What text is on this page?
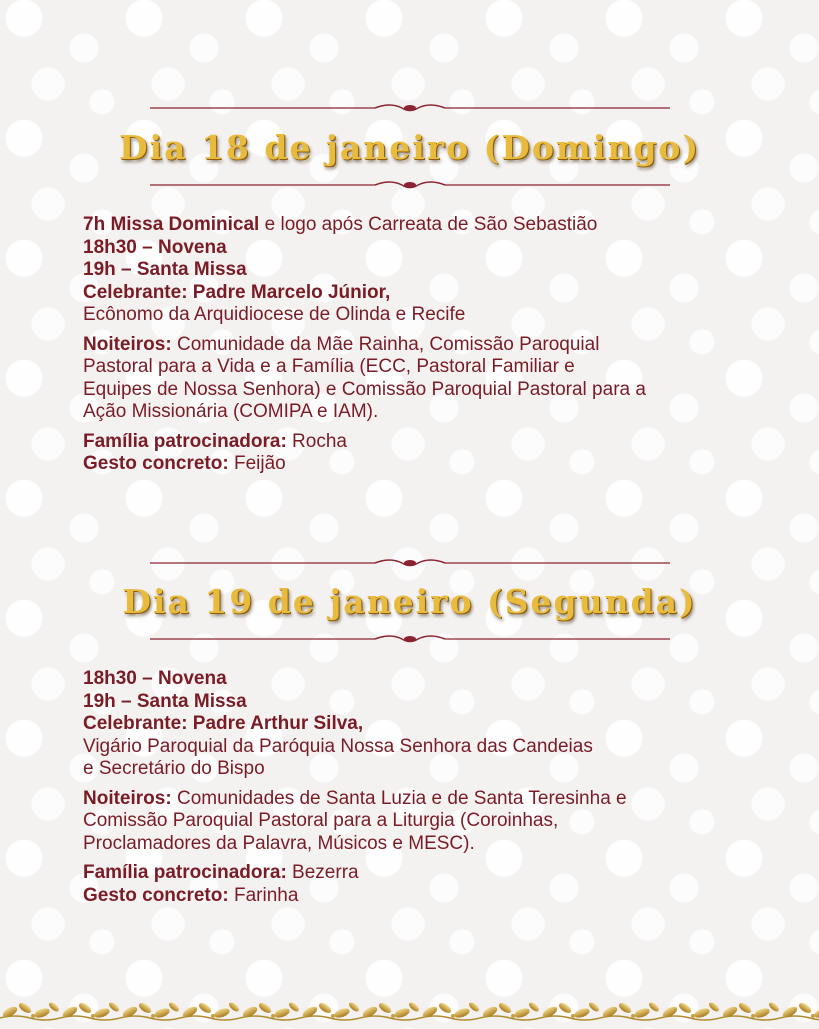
Dia 18 de janeiro (Domingo)

7h Missa Dominical e logo após Carreata de São Sebastião

18h30 – Novena

19h – Santa Missa

Celebrante: Padre Marcelo Júnior,

Ecônomo da Arquidiocese de Olinda e Recife

Noiteiros: Comunidade da Mãe Rainha, Comissão Paroquial
Pastoral para a Vida e a Família (ECC, Pastoral Familiar e
Equipes de Nossa Senhora) e Comissão Paroquial Pastoral para a
Ação Missionária (COMIPA e IAM).

Família patrocinadora: Rocha

Gesto concreto: Feijão

Dia 19 de janeiro (Segunda)

18h30 – Novena

19h – Santa Missa

Celebrante: Padre Arthur Silva,

Vigário Paroquial da Paróquia Nossa Senhora das Candeias
e Secretário do Bispo

Noiteiros: Comunidades de Santa Luzia e de Santa Teresinha e
Comissão Paroquial Pastoral para a Liturgia (Coroinhas,
Proclamadores da Palavra, Músicos e MESC).

Família patrocinadora: Bezerra

Gesto concreto: Farinha
